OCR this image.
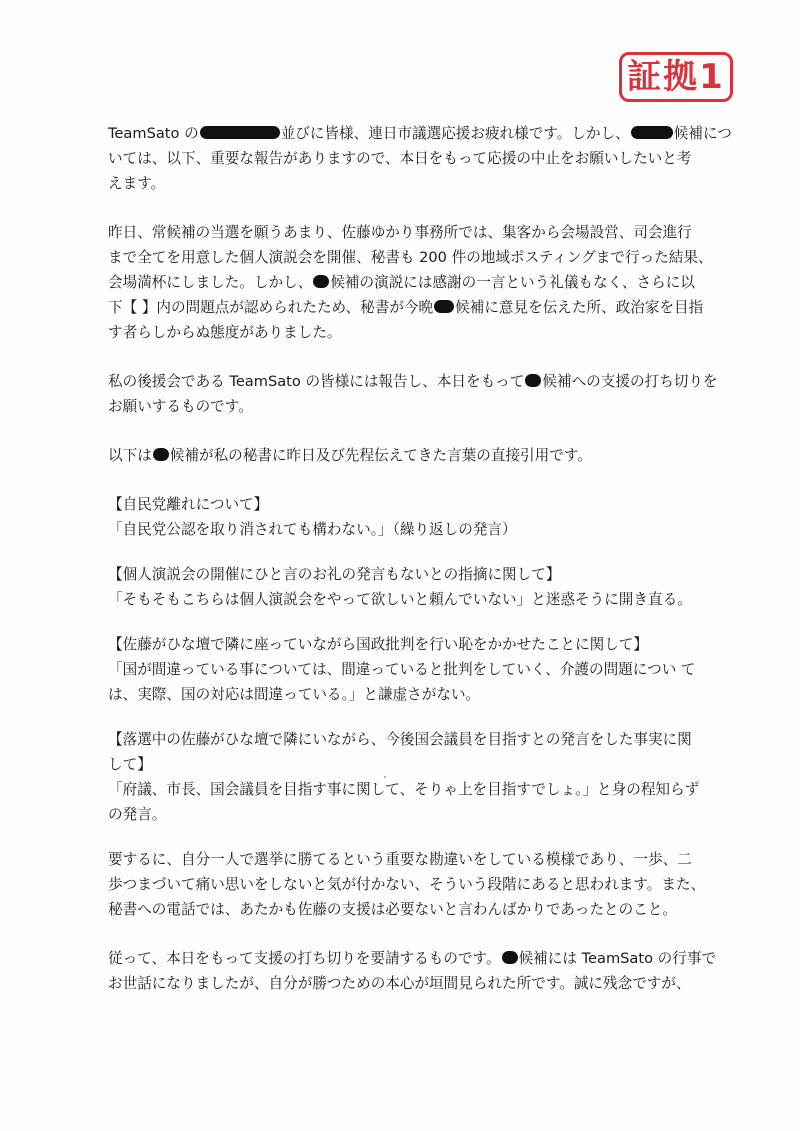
証拠1

TeamSato の	並びに皆様、連日市議選応援お疲れ様です。しかし、	候補につ
いては、以下、重要な報告がありますので、本日をもって応援の中止をお願いしたいと考
えます。

昨日、常候補の当選を願うあまり、佐藤ゆかり事務所では、集客から会場設営、司会進行
まで全てを用意した個人演説会を開催、秘書も 200 件の地域ポスティングまで行った結果、
会場満杯にしました。しかし、 候補の演説には感謝の一言という礼儀もなく、さらに以
下【 】内の問題点が認められたため、秘書が今晩 候補に意見を伝えた所、政治家を目指
す者らしからぬ態度がありました。

私の後援会である TeamSato の皆様には報告し、本日をもって 候補への支援の打ち切りを
お願いするものです。

以下は 候補が私の秘書に昨日及び先程伝えてきた言葉の直接引用です。

【自民党離れについて】
「自民党公認を取り消されても構わない。」（繰り返しの発言）

【個人演説会の開催にひと言のお礼の発言もないとの指摘に関して】
「そもそもこちらは個人演説会をやって欲しいと頼んでいない」と迷惑そうに開き直る。

【佐藤がひな壇で隣に座っていながら国政批判を行い恥をかかせたことに関して】
「国が間違っている事については、間違っていると批判をしていく、介護の問題につい て
は、実際、国の対応は間違っている。」と謙虚さがない。

【落選中の佐藤がひな壇で隣にいながら、今後国会議員を目指すとの発言をした事実に関
して】
「府議、市長、国会議員を目指す事に関して、そりゃ上を目指すでしょ。」と身の程知らず
の発言。

要するに、自分一人で選挙に勝てるという重要な勘違いをしている模様であり、一歩、二
歩つまづいて痛い思いをしないと気が付かない、そういう段階にあると思われます。また、
秘書への電話では、あたかも佐藤の支援は必要ないと言わんばかりであったとのこと。

従って、本日をもって支援の打ち切りを要請するものです。 候補には TeamSato の行事で
お世話になりましたが、自分が勝つための本心が垣間見られた所です。誠に残念ですが、
